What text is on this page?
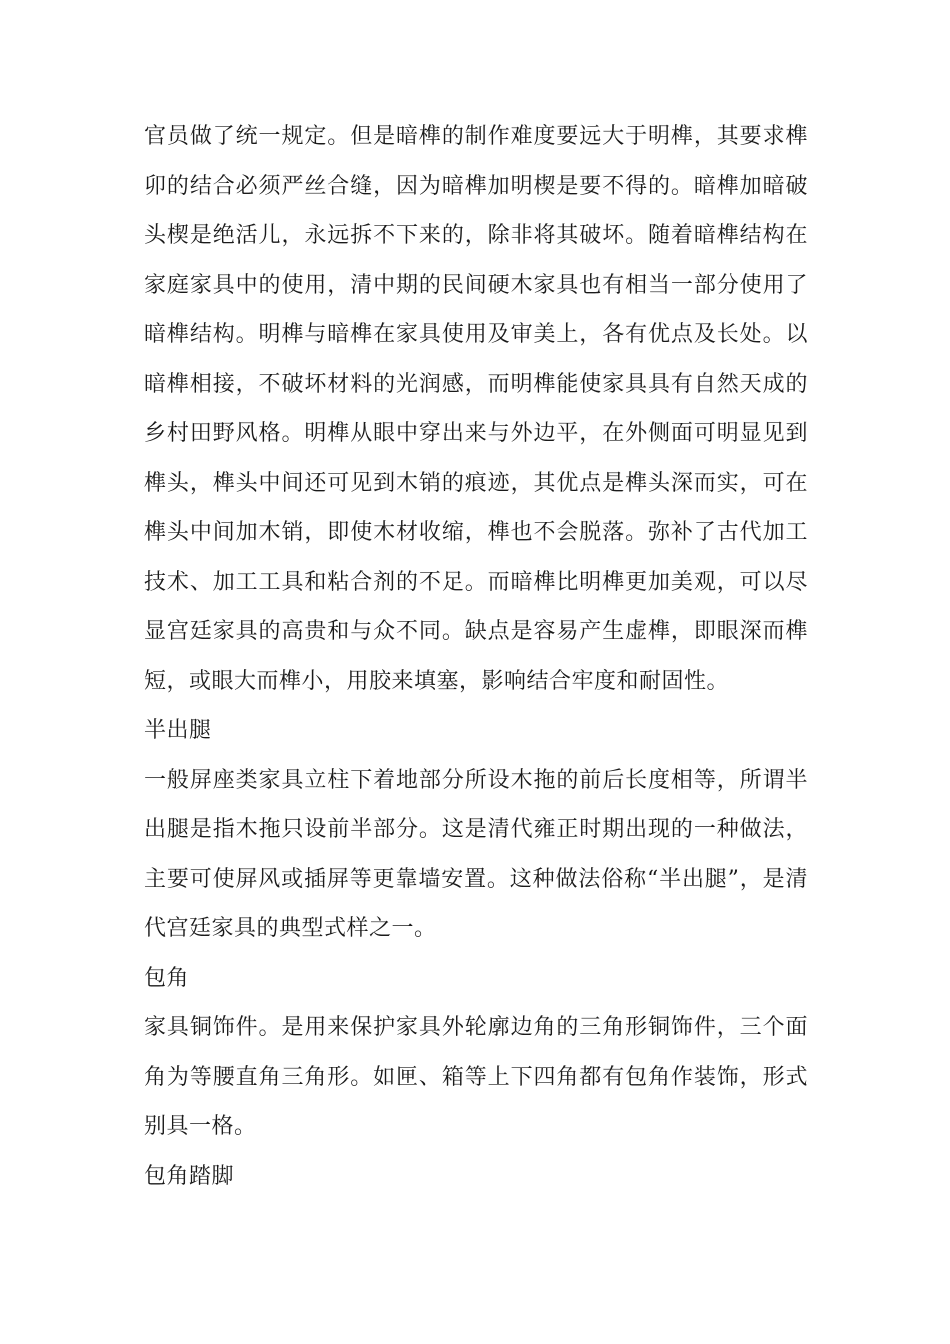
官员做了统一规定。但是暗榫的制作难度要远大于明榫，其要求榫卯的结合必须严丝合缝，因为暗榫加明楔是要不得的。暗榫加暗破头楔是绝活儿，永远拆不下来的，除非将其破坏。随着暗榫结构在家庭家具中的使用，清中期的民间硬木家具也有相当一部分使用了暗榫结构。明榫与暗榫在家具使用及审美上，各有优点及长处。以暗榫相接，不破坏材料的光润感，而明榫能使家具具有自然天成的乡村田野风格。明榫从眼中穿出来与外边平，在外侧面可明显见到榫头，榫头中间还可见到木销的痕迹，其优点是榫头深而实，可在榫头中间加木销，即使木材收缩，榫也不会脱落。弥补了古代加工技术、加工工具和粘合剂的不足。而暗榫比明榫更加美观，可以尽显宫廷家具的高贵和与众不同。缺点是容易产生虚榫，即眼深而榫短，或眼大而榫小，用胶来填塞，影响结合牢度和耐固性。

半出腿

一般屏座类家具立柱下着地部分所设木拖的前后长度相等，所谓半出腿是指木拖只设前半部分。这是清代雍正时期出现的一种做法，主要可使屏风或插屏等更靠墙安置。这种做法俗称“半出腿”，是清代宫廷家具的典型式样之一。

包角

家具铜饰件。是用来保护家具外轮廓边角的三角形铜饰件，三个面角为等腰直角三角形。如匣、箱等上下四角都有包角作装饰，形式别具一格。

包角踏脚
